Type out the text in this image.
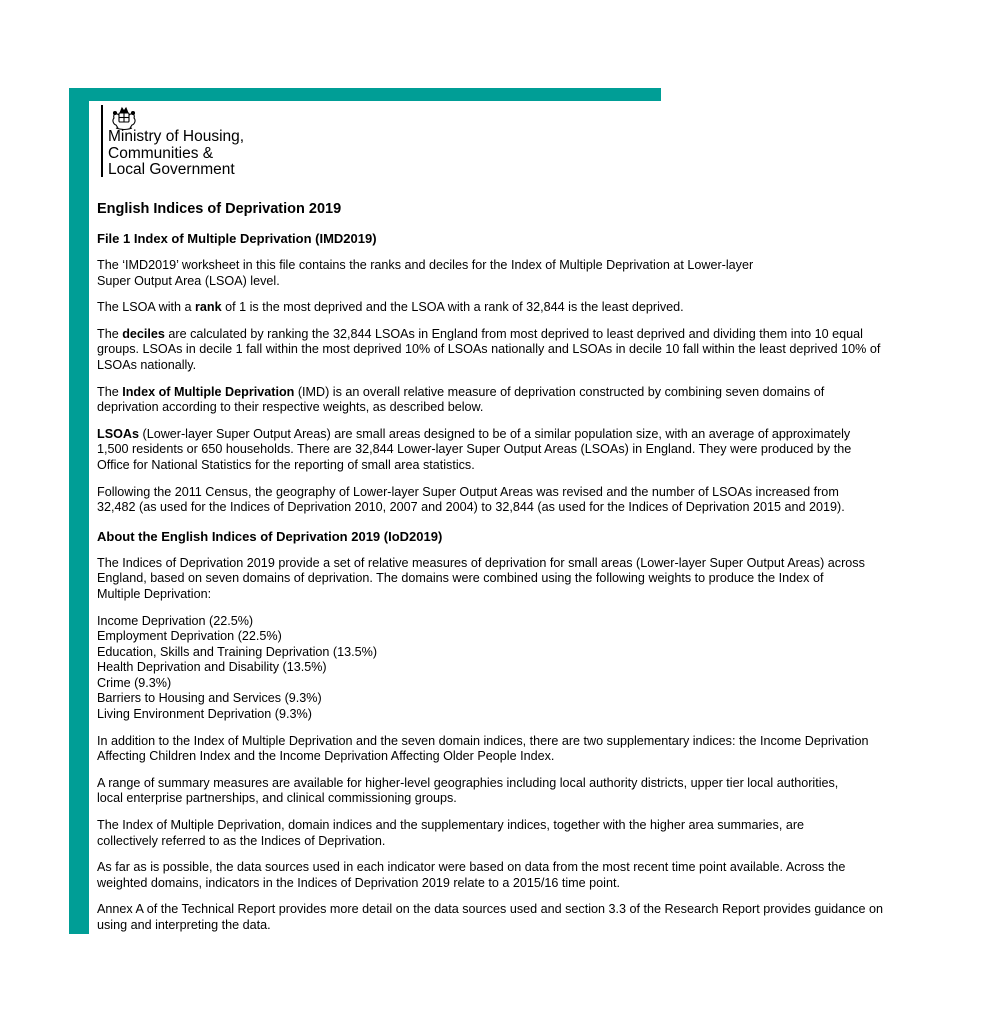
Ministry of Housing,
Communities &
Local Government
English Indices of Deprivation 2019
File 1 Index of Multiple Deprivation (IMD2019)

The ‘IMD2019’ worksheet in this file contains the ranks and deciles for the Index of Multiple Deprivation at Lower-layer
Super Output Area (LSOA) level.

The LSOA with a rank of 1 is the most deprived and the LSOA with a rank of 32,844 is the least deprived.

The deciles are calculated by ranking the 32,844 LSOAs in England from most deprived to least deprived and dividing them into 10 equal
groups. LSOAs in decile 1 fall within the most deprived 10% of LSOAs nationally and LSOAs in decile 10 fall within the least deprived 10% of
LSOAs nationally.

The Index of Multiple Deprivation (IMD) is an overall relative measure of deprivation constructed by combining seven domains of
deprivation according to their respective weights, as described below.

LSOAs (Lower-layer Super Output Areas) are small areas designed to be of a similar population size, with an average of approximately
1,500 residents or 650 households. There are 32,844 Lower-layer Super Output Areas (LSOAs) in England. They were produced by the
Office for National Statistics for the reporting of small area statistics.

Following the 2011 Census, the geography of Lower-layer Super Output Areas was revised and the number of LSOAs increased from
32,482 (as used for the Indices of Deprivation 2010, 2007 and 2004) to 32,844 (as used for the Indices of Deprivation 2015 and 2019).

About the English Indices of Deprivation 2019 (IoD2019)

The Indices of Deprivation 2019 provide a set of relative measures of deprivation for small areas (Lower-layer Super Output Areas) across
England, based on seven domains of deprivation. The domains were combined using the following weights to produce the Index of
Multiple Deprivation:

Income Deprivation (22.5%)
Employment Deprivation (22.5%)
Education, Skills and Training Deprivation (13.5%)
Health Deprivation and Disability (13.5%)
Crime (9.3%)
Barriers to Housing and Services (9.3%)
Living Environment Deprivation (9.3%)

In addition to the Index of Multiple Deprivation and the seven domain indices, there are two supplementary indices: the Income Deprivation
Affecting Children Index and the Income Deprivation Affecting Older People Index.

A range of summary measures are available for higher-level geographies including local authority districts, upper tier local authorities,
local enterprise partnerships, and clinical commissioning groups.

The Index of Multiple Deprivation, domain indices and the supplementary indices, together with the higher area summaries, are
collectively referred to as the Indices of Deprivation.

As far as is possible, the data sources used in each indicator were based on data from the most recent time point available. Across the
weighted domains, indicators in the Indices of Deprivation 2019 relate to a 2015/16 time point.

Annex A of the Technical Report provides more detail on the data sources used and section 3.3 of the Research Report provides guidance on
using and interpreting the data.
